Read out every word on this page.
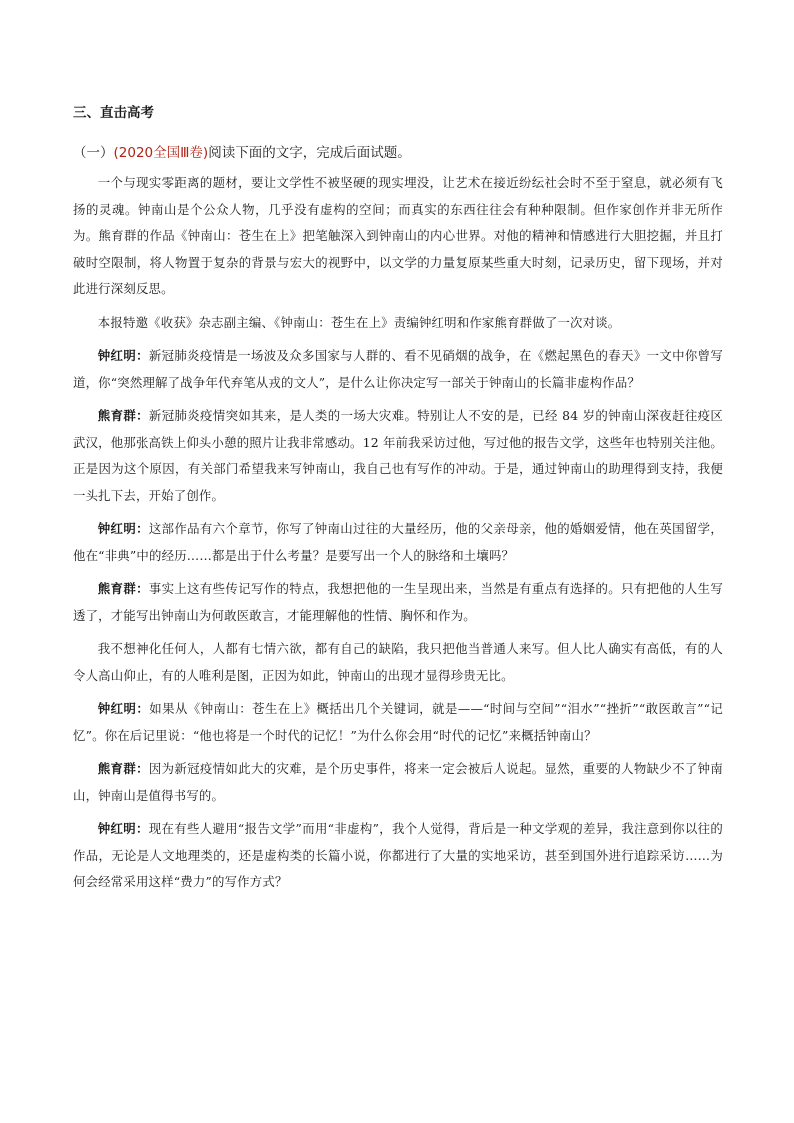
三、直击高考
（一）(2020全国Ⅲ卷)阅读下面的文字，完成后面试题。

一个与现实零距离的题材，要让文学性不被坚硬的现实埋没，让艺术在接近纷纭社会时不至于窒息，就必须有飞扬的灵魂。钟南山是个公众人物，几乎没有虚构的空间；而真实的东西往往会有种种限制。但作家创作并非无所作为。熊育群的作品《钟南山：苍生在上》把笔触深入到钟南山的内心世界。对他的精神和情感进行大胆挖掘，并且打破时空限制，将人物置于复杂的背景与宏大的视野中，以文学的力量复原某些重大时刻，记录历史，留下现场，并对此进行深刻反思。

本报特邀《收获》杂志副主编、《钟南山：苍生在上》责编钟红明和作家熊育群做了一次对谈。

钟红明：新冠肺炎疫情是一场波及众多国家与人群的、看不见硝烟的战争，在《燃起黑色的春天》一文中你曾写道，你“突然理解了战争年代弃笔从戎的文人”，是什么让你决定写一部关于钟南山的长篇非虚构作品？

熊育群：新冠肺炎疫情突如其来，是人类的一场大灾难。特别让人不安的是，已经 84 岁的钟南山深夜赶往疫区武汉，他那张高铁上仰头小憩的照片让我非常感动。12 年前我采访过他，写过他的报告文学，这些年也特别关注他。正是因为这个原因，有关部门希望我来写钟南山，我自己也有写作的冲动。于是，通过钟南山的助理得到支持，我便一头扎下去，开始了创作。

钟红明：这部作品有六个章节，你写了钟南山过往的大量经历，他的父亲母亲，他的婚姻爱情，他在英国留学，他在“非典”中的经历……都是出于什么考量？是要写出一个人的脉络和土壤吗？

熊育群：事实上这有些传记写作的特点，我想把他的一生呈现出来，当然是有重点有选择的。只有把他的人生写透了，才能写出钟南山为何敢医敢言，才能理解他的性情、胸怀和作为。

我不想神化任何人，人都有七情六欲，都有自己的缺陷，我只把他当普通人来写。但人比人确实有高低，有的人令人高山仰止，有的人唯利是图，正因为如此，钟南山的出现才显得珍贵无比。

钟红明：如果从《钟南山：苍生在上》概括出几个关键词，就是——“时间与空间”“泪水”“挫折”“敢医敢言”“记忆”。你在后记里说：“他也将是一个时代的记忆！”为什么你会用“时代的记忆”来概括钟南山？

熊育群：因为新冠疫情如此大的灾难，是个历史事件，将来一定会被后人说起。显然，重要的人物缺少不了钟南山，钟南山是值得书写的。

钟红明：现在有些人避用“报告文学”而用“非虚构”，我个人觉得，背后是一种文学观的差异，我注意到你以往的作品，无论是人文地理类的，还是虚构类的长篇小说，你都进行了大量的实地采访，甚至到国外进行追踪采访……为何会经常采用这样“费力”的写作方式？
